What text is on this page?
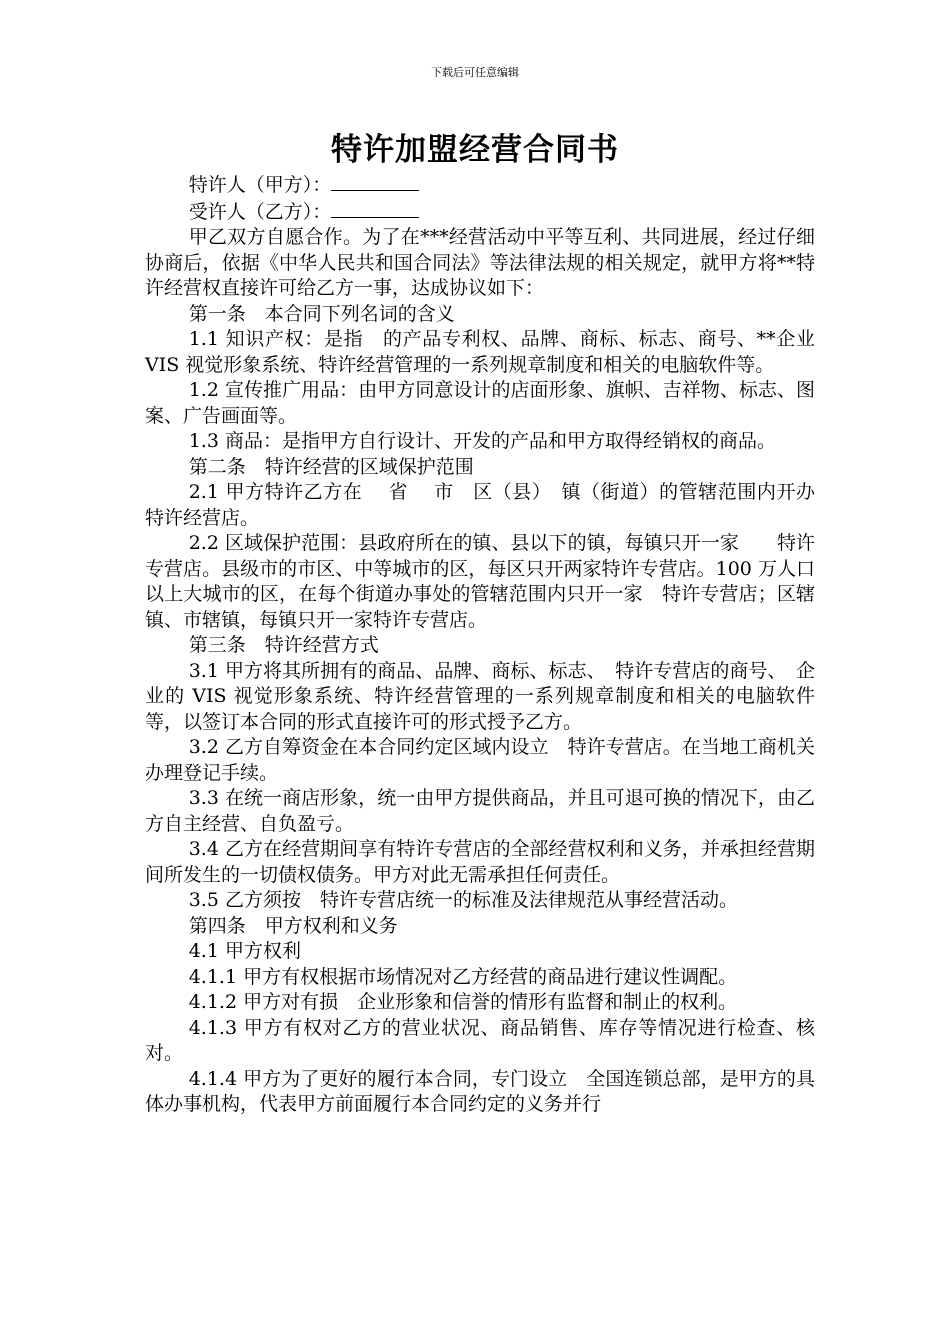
下载后可任意编辑
特许加盟经营合同书

特许人（甲方）：

受许人（乙方）：

甲乙双方自愿合作。为了在***经营活动中平等互利、共同进展，经过仔细协商后，依据《中华人民共和国合同法》等法律法规的相关规定，就甲方将**特许经营权直接许可给乙方一事，达成协议如下：

第一条　本合同下列名词的含义

1.1 知识产权：是指　的产品专利权、品牌、商标、标志、商号、**企业 VIS 视觉形象系统、特许经营管理的一系列规章制度和相关的电脑软件等。

1.2 宣传推广用品：由甲方同意设计的店面形象、旗帜、吉祥物、标志、图案、广告画面等。

1.3 商品：是指甲方自行设计、开发的产品和甲方取得经销权的商品。

第二条　特许经营的区域保护范围

2.1 甲方特许乙方在　 省　 市　区（县）　镇（街道）的管辖范围内开办　特许经营店。

2.2 区域保护范围：县政府所在的镇、县以下的镇，每镇只开一家　　特许专营店。县级市的市区、中等城市的区，每区只开两家特许专营店。100 万人口以上大城市的区，在每个街道办事处的管辖范围内只开一家　特许专营店；区辖镇、市辖镇，每镇只开一家特许专营店。

第三条　特许经营方式

3.1 甲方将其所拥有的商品、品牌、商标、标志、　特许专营店的商号、　企业的 VIS 视觉形象系统、特许经营管理的一系列规章制度和相关的电脑软件等，以签订本合同的形式直接许可的形式授予乙方。

3.2 乙方自筹资金在本合同约定区域内设立　特许专营店。在当地工商机关办理登记手续。

3.3 在统一商店形象，统一由甲方提供商品，并且可退可换的情况下，由乙方自主经营、自负盈亏。

3.4 乙方在经营期间享有特许专营店的全部经营权利和义务，并承担经营期间所发生的一切债权债务。甲方对此无需承担任何责任。

3.5 乙方须按　特许专营店统一的标准及法律规范从事经营活动。

第四条　甲方权利和义务

4.1 甲方权利

4.1.1 甲方有权根据市场情况对乙方经营的商品进行建议性调配。

4.1.2 甲方对有损　企业形象和信誉的情形有监督和制止的权利。

4.1.3 甲方有权对乙方的营业状况、商品销售、库存等情况进行检查、核对。

4.1.4 甲方为了更好的履行本合同，专门设立　全国连锁总部，是甲方的具体办事机构，代表甲方前面履行本合同约定的义务并行
